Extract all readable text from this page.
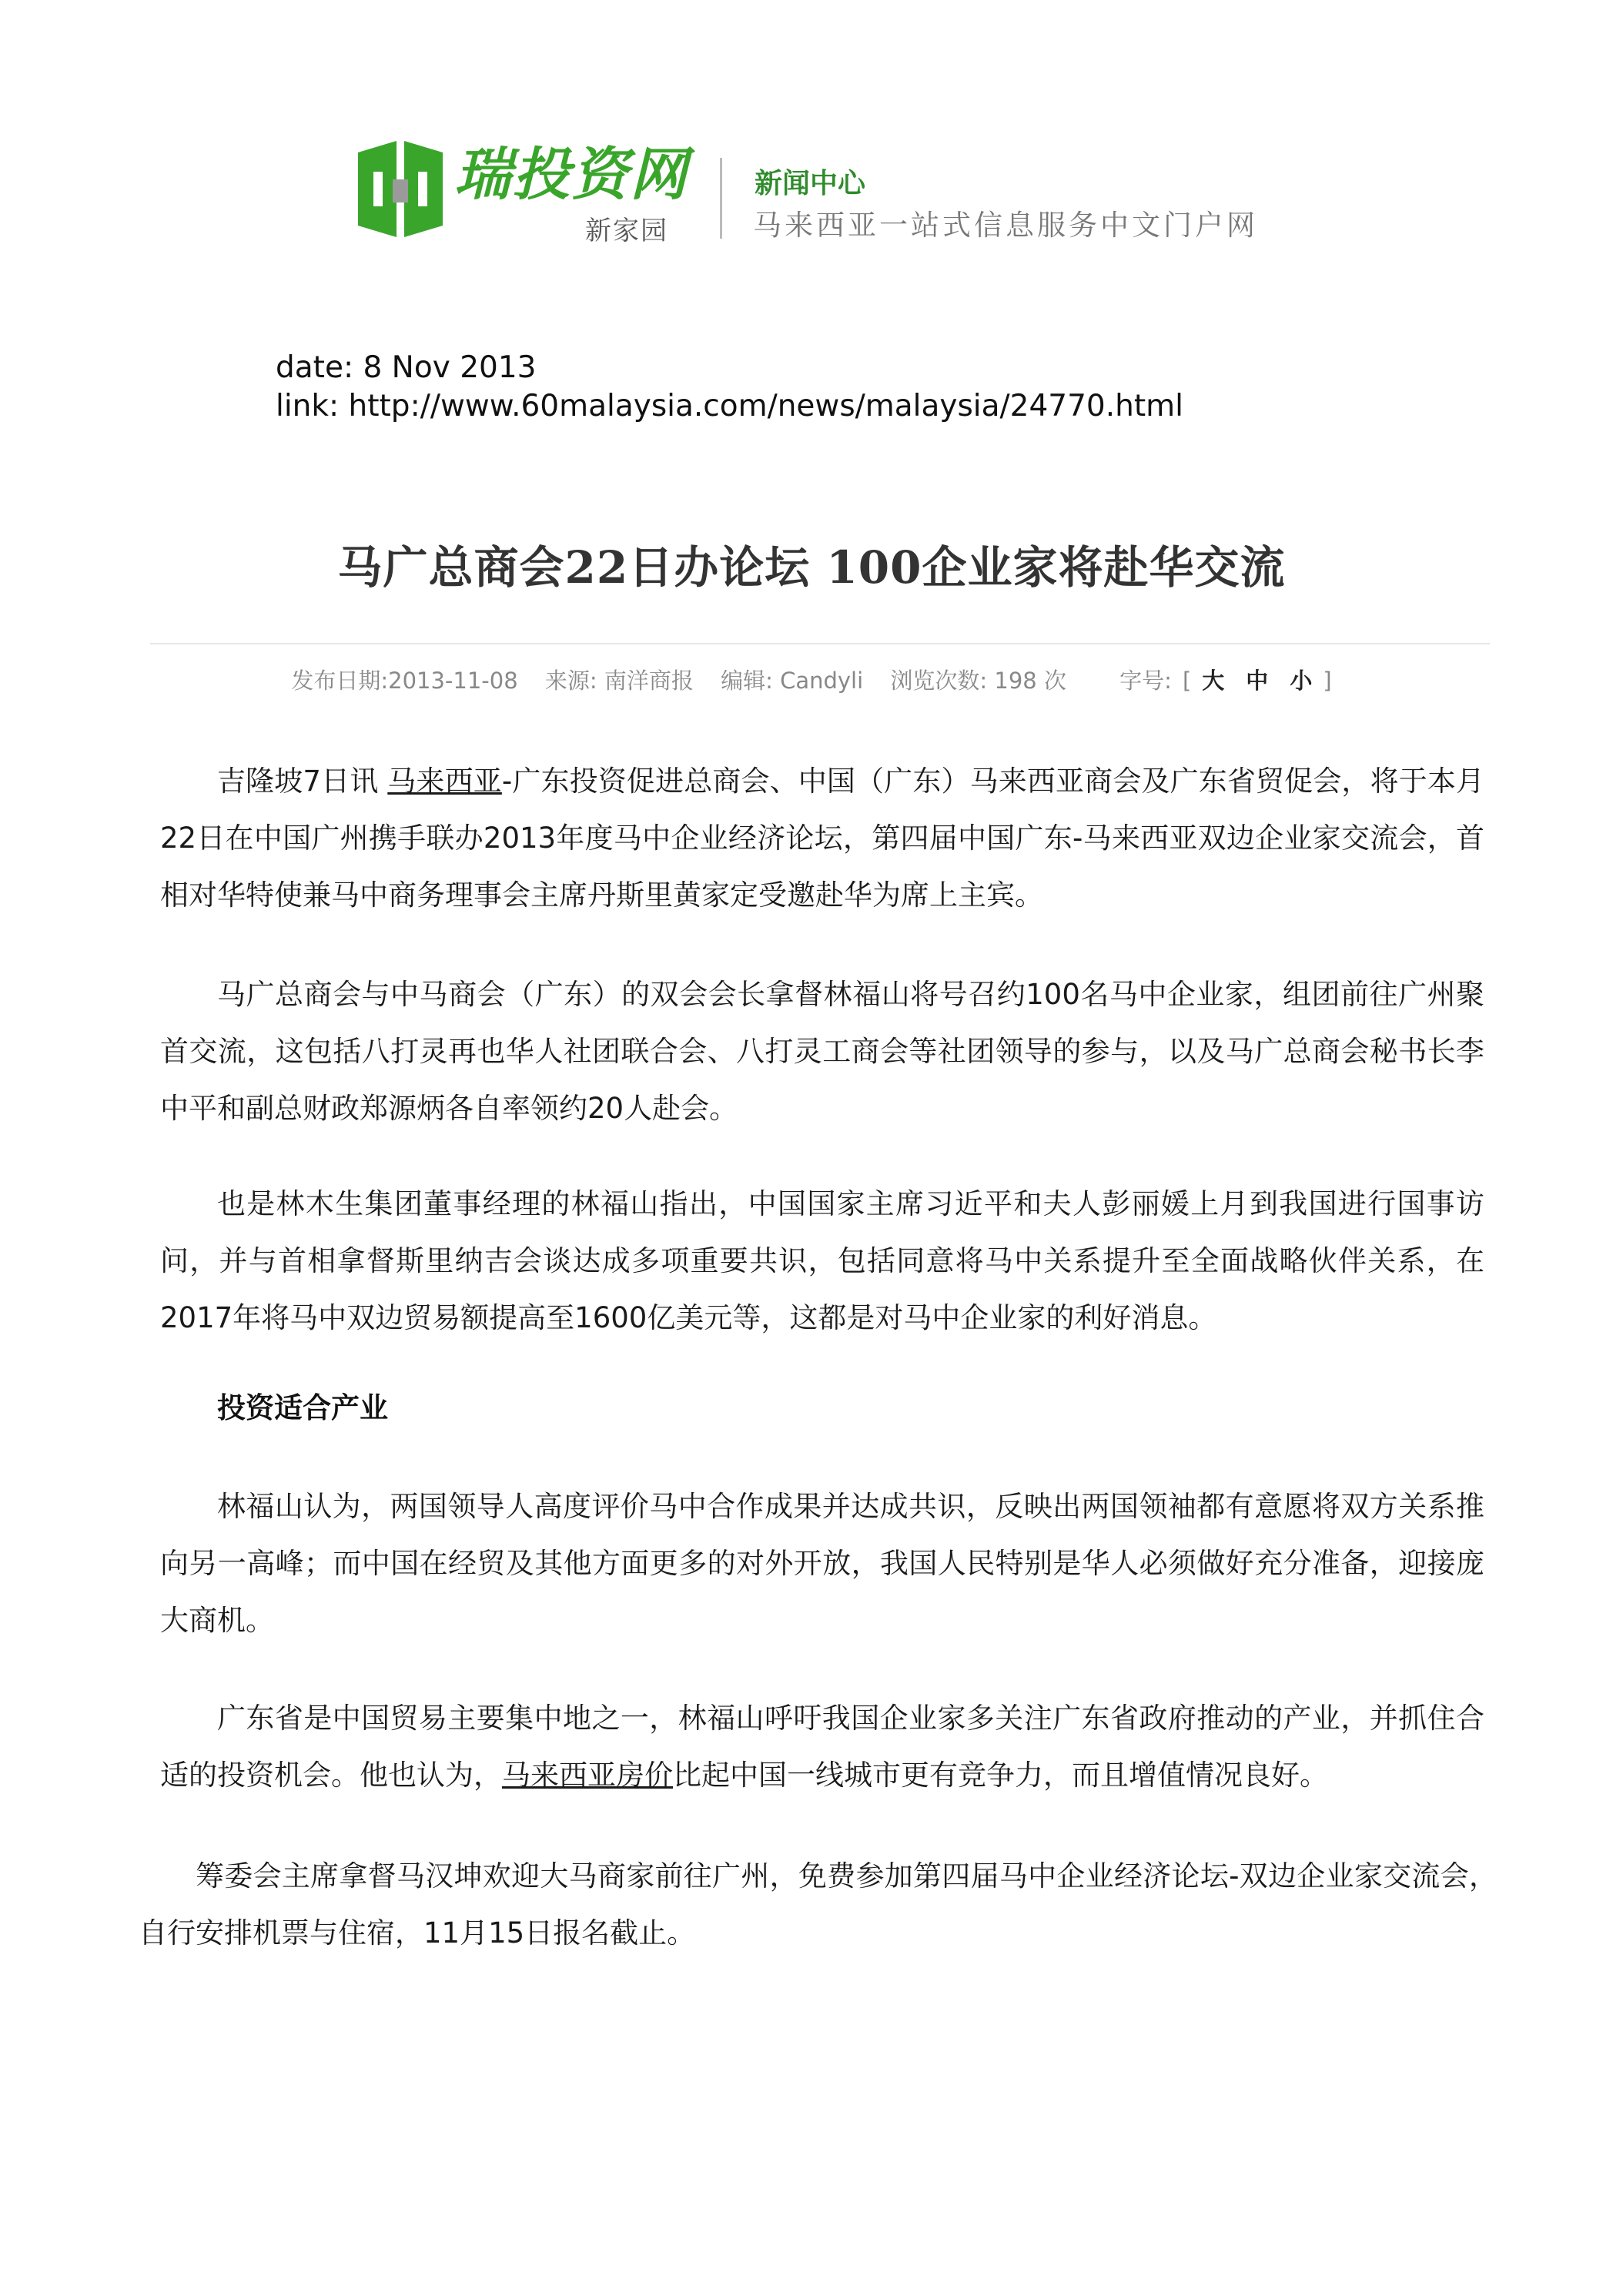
瑞投资网
新家园
新闻中心
马来西亚一站式信息服务中文门户网
date: 8 Nov 2013
link: http://www.60malaysia.com/news/malaysia/24770.html
马广总商会22日办论坛 100企业家将赴华交流
发布日期:2013-11-08 来源: 南洋商报 编辑: Candyli 浏览次数: 198 次 字号: [ 大 中 小 ]
吉隆坡7日讯 马来西亚-广东投资促进总商会、中国（广东）马来西亚商会及广东省贸促会，将于本月22日在中国广州携手联办2013年度马中企业经济论坛，第四届中国广东-马来西亚双边企业家交流会，首相对华特使兼马中商务理事会主席丹斯里黄家定受邀赴华为席上主宾。
马广总商会与中马商会（广东）的双会会长拿督林福山将号召约100名马中企业家，组团前往广州聚首交流，这包括八打灵再也华人社团联合会、八打灵工商会等社团领导的参与，以及马广总商会秘书长李中平和副总财政郑源炳各自率领约20人赴会。
也是林木生集团董事经理的林福山指出，中国国家主席习近平和夫人彭丽媛上月到我国进行国事访问，并与首相拿督斯里纳吉会谈达成多项重要共识，包括同意将马中关系提升至全面战略伙伴关系，在2017年将马中双边贸易额提高至1600亿美元等，这都是对马中企业家的利好消息。
投资适合产业
林福山认为，两国领导人高度评价马中合作成果并达成共识，反映出两国领袖都有意愿将双方关系推向另一高峰；而中国在经贸及其他方面更多的对外开放，我国人民特别是华人必须做好充分准备，迎接庞大商机。
广东省是中国贸易主要集中地之一，林福山呼吁我国企业家多关注广东省政府推动的产业，并抓住合适的投资机会。他也认为，马来西亚房价比起中国一线城市更有竞争力，而且增值情况良好。
筹委会主席拿督马汉坤欢迎大马商家前往广州，免费参加第四届马中企业经济论坛-双边企业家交流会，自行安排机票与住宿，11月15日报名截止。
